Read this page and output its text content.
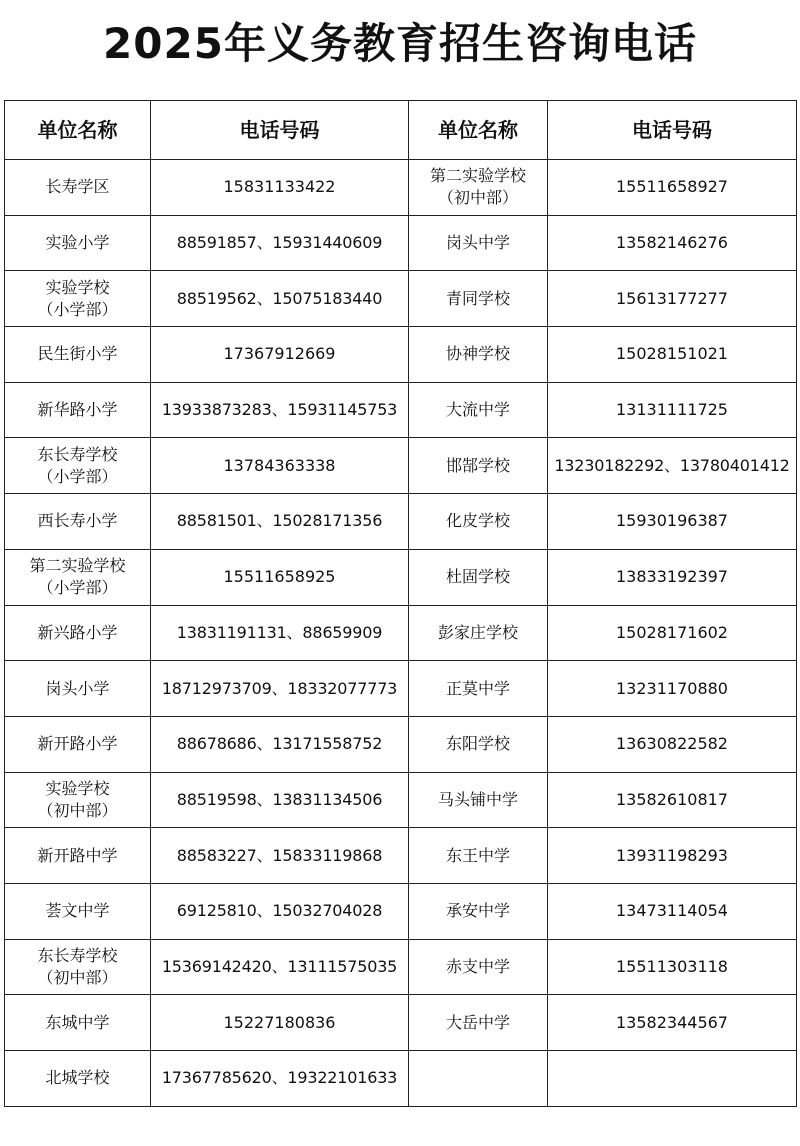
2025年义务教育招生咨询电话
单位名称	电话号码	单位名称	电话号码

长寿学区	15831133422	第二实验学校
（初中部）	15511658927

实验小学	88591857、15931440609	岗头中学	13582146276

实验学校
（小学部）	88519562、15075183440	青同学校	15613177277

民生街小学	17367912669	协神学校	15028151021

新华路小学	13933873283、15931145753	大流中学	13131111725

东长寿学校
（小学部）	13784363338	邯郜学校	13230182292、13780401412

西长寿小学	88581501、15028171356	化皮学校	15930196387

第二实验学校
（小学部）	15511658925	杜固学校	13833192397

新兴路小学	13831191131、88659909	彭家庄学校	15028171602

岗头小学	18712973709、18332077773	正莫中学	13231170880

新开路小学	88678686、13171558752	东阳学校	13630822582

实验学校
（初中部）	88519598、13831134506	马头铺中学	13582610817

新开路中学	88583227、15833119868	东王中学	13931198293

荟文中学	69125810、15032704028	承安中学	13473114054

东长寿学校
（初中部）	15369142420、13111575035	赤支中学	15511303118

东城中学	15227180836	大岳中学	13582344567

北城学校	17367785620、19322101633		
